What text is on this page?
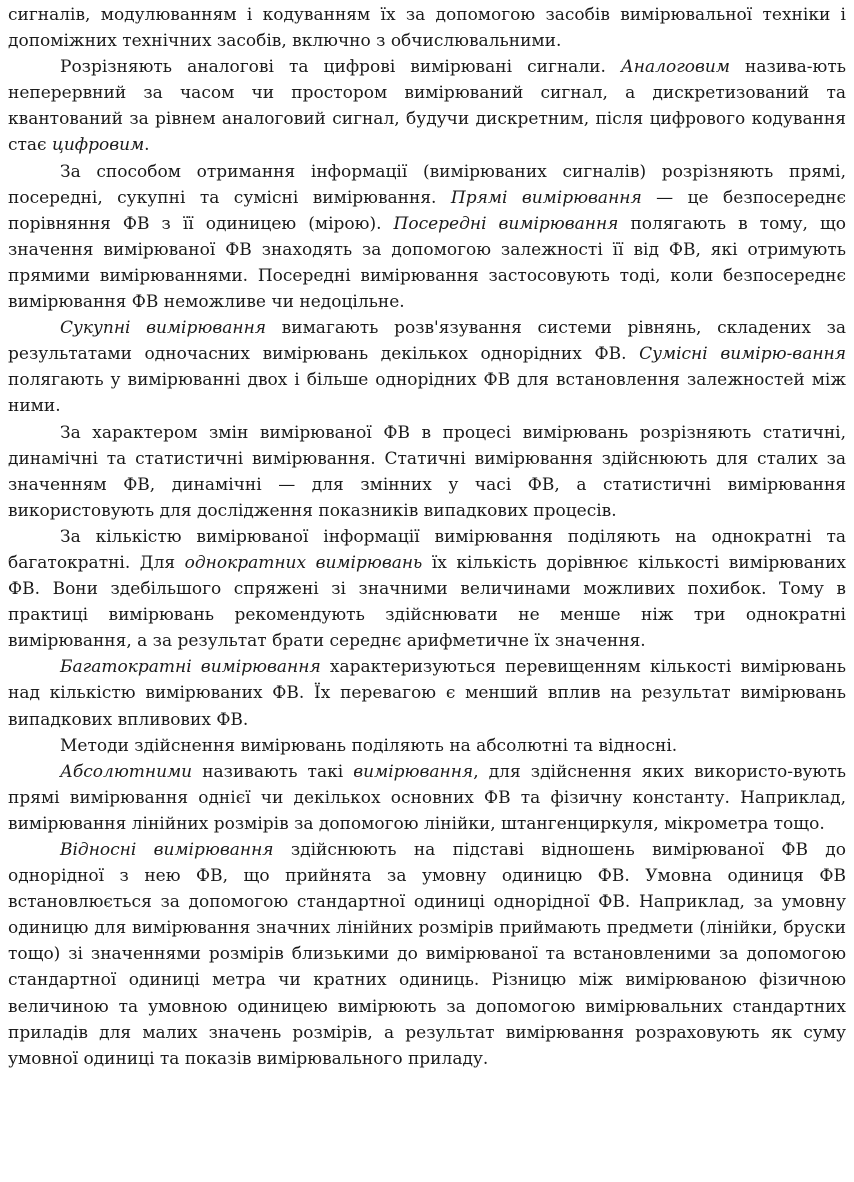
сигналів, модулюванням і кодуванням їх за допомогою засобів вимірювальної техніки і допоміжних технічних засобів, включно з обчислювальними.

Розрізняють аналогові та цифрові вимірювані сигнали. Аналоговим назива-ють неперервний за часом чи простором вимірюваний сигнал, а дискретизований та квантований за рівнем аналоговий сигнал, будучи дискретним, після цифрового кодування стає цифровим.

За способом отримання інформації (вимірюваних сигналів) розрізняють прямі, посередні, сукупні та сумісні вимірювання. Прямі вимірювання — це безпосереднє порівняння ФВ з її одиницею (мірою). Посередні вимірювання полягають в тому, що значення вимірюваної ФВ знаходять за допомогою залежності її від ФВ, які отримують прямими вимірюваннями. Посередні вимірювання застосовують тоді, коли безпосереднє вимірювання ФВ неможливе чи недоцільне.

Сукупні вимірювання вимагають розв'язування системи рівнянь, складених за результатами одночасних вимірювань декількох однорідних ФВ. Сумісні вимірю-вання полягають у вимірюванні двох і більше однорідних ФВ для встановлення залежностей між ними.

За характером змін вимірюваної ФВ в процесі вимірювань розрізняють статичні, динамічні та статистичні вимірювання. Статичні вимірювання здійснюють для сталих за значенням ФВ, динамічні — для змінних у часі ФВ, а статистичні вимірювання використовують для дослідження показників випадкових процесів.

За кількістю вимірюваної інформації вимірювання поділяють на однократні та багатократні. Для однократних вимірювань їх кількість дорівнює кількості вимірюваних ФВ. Вони здебільшого спряжені зі значними величинами можливих похибок. Тому в практиці вимірювань рекомендують здійснювати не менше ніж три однократні вимірювання, а за результат брати середнє арифметичне їх значення.

Багатократні вимірювання характеризуються перевищенням кількості вимірювань над кількістю вимірюваних ФВ. Їх перевагою є менший вплив на результат вимірювань випадкових впливових ФВ.

Методи здійснення вимірювань поділяють на абсолютні та відносні.

Абсолютними називають такі вимірювання, для здійснення яких використо-вують прямі вимірювання однієї чи декількох основних ФВ та фізичну константу. Наприклад, вимірювання лінійних розмірів за допомогою лінійки, штангенциркуля, мікрометра тощо.

Відносні вимірювання здійснюють на підставі відношень вимірюваної ФВ до однорідної з нею ФВ, що прийнята за умовну одиницю ФВ. Умовна одиниця ФВ встановлюється за допомогою стандартної одиниці однорідної ФВ. Наприклад, за умовну одиницю для вимірювання значних лінійних розмірів приймають предмети (лінійки, бруски тощо) зі значеннями розмірів близькими до вимірюваної та встановленими за допомогою стандартної одиниці метра чи кратних одиниць. Різницю між вимірюваною фізичною величиною та умовною одиницею вимірюють за допомогою вимірювальних стандартних приладів для малих значень розмірів, а результат вимірювання розраховують як суму умовної одиниці та показів вимірювального приладу.
